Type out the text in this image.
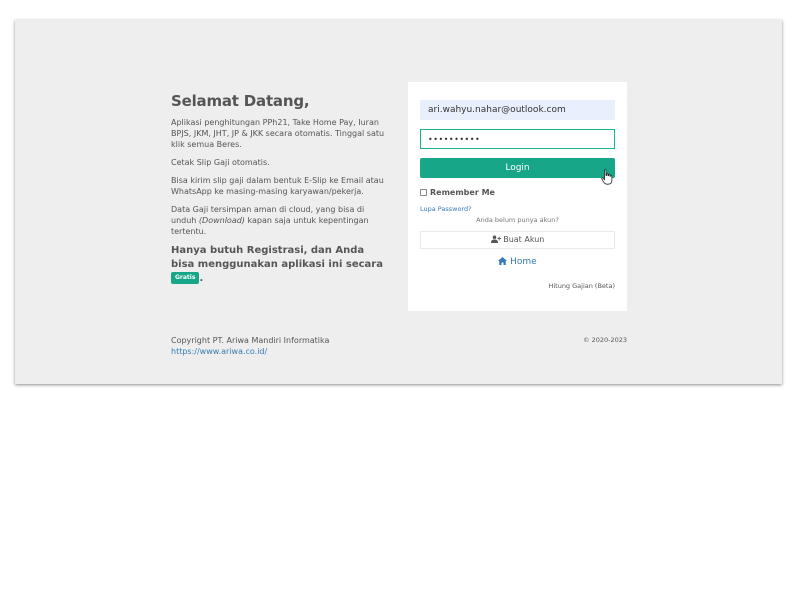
Selamat Datang,

Aplikasi penghitungan PPh21, Take Home Pay, Iuran BPJS, JKM, JHT, JP & JKK secara otomatis. Tinggal satu klik semua Beres.

Cetak Slip Gaji otomatis.

Bisa kirim slip gaji dalam bentuk E-Slip ke Email atau WhatsApp ke masing-masing karyawan/pekerja.

Data Gaji tersimpan aman di cloud, yang bisa di unduh (Download) kapan saja untuk kepentingan tertentu.

Hanya butuh Registrasi, dan Anda bisa menggunakan aplikasi ini secara Gratis .
ari.wahyu.nahar@outlook.com
••••••••••
Login
Remember Me
Lupa Password?
Anda belum punya akun?
Buat Akun
Home
Hitung Gajian (Beta)
Copyright PT. Ariwa Mandiri Informatika
https://www.ariwa.co.id/
© 2020-2023
